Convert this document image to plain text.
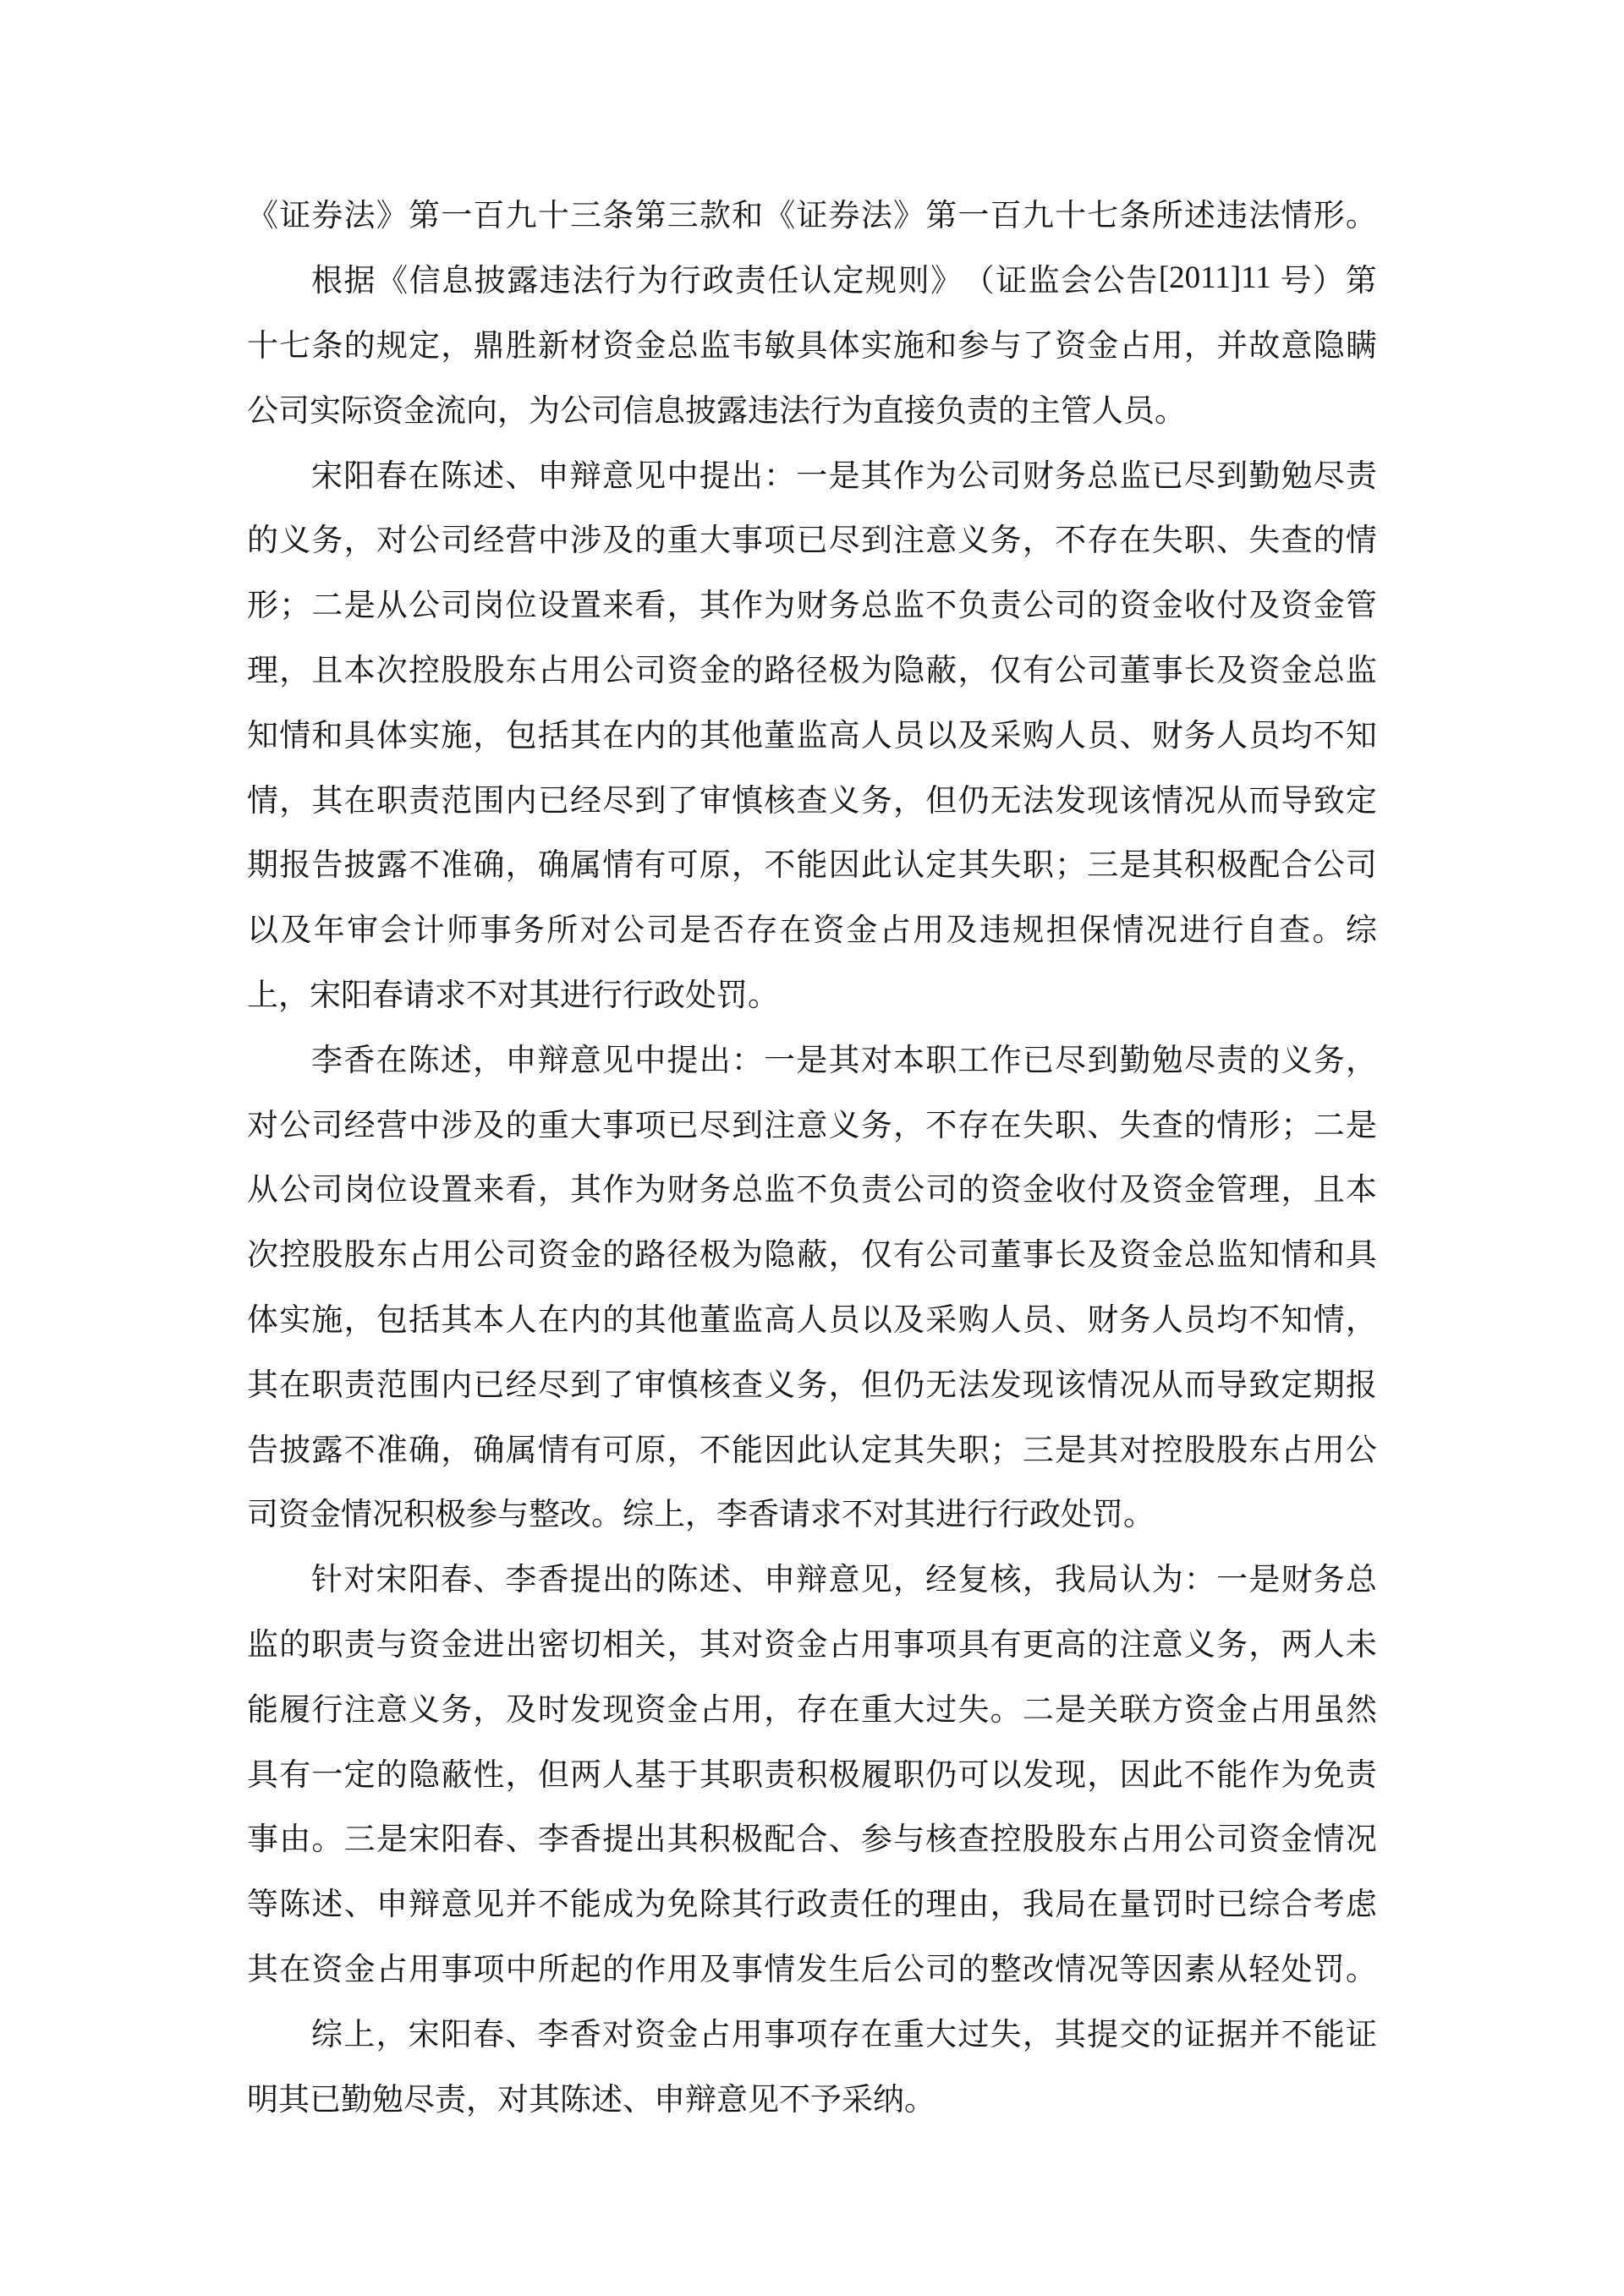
《 证 券 法 》 第 一 百 九 十 三 条 第 三 款 和 《 证 券 法 》 第 一 百 九 十 七 条 所 述 违 法 情 形 。
根 据 《 信 息 披 露 违 法 行 为 行 政 责 任 认 定 规 则 》 （ 证 监 会 公 告 [2011]11 号 ） 第
十 七 条 的 规 定 ， 鼎 胜 新 材 资 金 总 监 韦 敏 具 体 实 施 和 参 与 了 资 金 占 用 ， 并 故 意 隐 瞒
公 司 实 际 资 金 流 向 ， 为 公 司 信 息 披 露 违 法 行 为 直 接 负 责 的 主 管 人 员 。
宋 阳 春 在 陈 述 、 申 辩 意 见 中 提 出 ： 一 是 其 作 为 公 司 财 务 总 监 已 尽 到 勤 勉 尽 责
的 义 务 ， 对 公 司 经 营 中 涉 及 的 重 大 事 项 已 尽 到 注 意 义 务 ， 不 存 在 失 职 、 失 查 的 情
形 ； 二 是 从 公 司 岗 位 设 置 来 看 ， 其 作 为 财 务 总 监 不 负 责 公 司 的 资 金 收 付 及 资 金 管
理 ， 且 本 次 控 股 股 东 占 用 公 司 资 金 的 路 径 极 为 隐 蔽 ， 仅 有 公 司 董 事 长 及 资 金 总 监
知 情 和 具 体 实 施 ， 包 括 其 在 内 的 其 他 董 监 高 人 员 以 及 采 购 人 员 、 财 务 人 员 均 不 知
情 ， 其 在 职 责 范 围 内 已 经 尽 到 了 审 慎 核 查 义 务 ， 但 仍 无 法 发 现 该 情 况 从 而 导 致 定
期 报 告 披 露 不 准 确 ， 确 属 情 有 可 原 ， 不 能 因 此 认 定 其 失 职 ； 三 是 其 积 极 配 合 公 司
以 及 年 审 会 计 师 事 务 所 对 公 司 是 否 存 在 资 金 占 用 及 违 规 担 保 情 况 进 行 自 查 。 综
上 ， 宋 阳 春 请 求 不 对 其 进 行 行 政 处 罚 。
李 香 在 陈 述 ， 申 辩 意 见 中 提 出 ： 一 是 其 对 本 职 工 作 已 尽 到 勤 勉 尽 责 的 义 务 ，
对 公 司 经 营 中 涉 及 的 重 大 事 项 已 尽 到 注 意 义 务 ， 不 存 在 失 职 、 失 查 的 情 形 ； 二 是
从 公 司 岗 位 设 置 来 看 ， 其 作 为 财 务 总 监 不 负 责 公 司 的 资 金 收 付 及 资 金 管 理 ， 且 本
次 控 股 股 东 占 用 公 司 资 金 的 路 径 极 为 隐 蔽 ， 仅 有 公 司 董 事 长 及 资 金 总 监 知 情 和 具
体 实 施 ， 包 括 其 本 人 在 内 的 其 他 董 监 高 人 员 以 及 采 购 人 员 、 财 务 人 员 均 不 知 情 ，
其 在 职 责 范 围 内 已 经 尽 到 了 审 慎 核 查 义 务 ， 但 仍 无 法 发 现 该 情 况 从 而 导 致 定 期 报
告 披 露 不 准 确 ， 确 属 情 有 可 原 ， 不 能 因 此 认 定 其 失 职 ； 三 是 其 对 控 股 股 东 占 用 公
司 资 金 情 况 积 极 参 与 整 改 。 综 上 ， 李 香 请 求 不 对 其 进 行 行 政 处 罚 。
针 对 宋 阳 春 、 李 香 提 出 的 陈 述 、 申 辩 意 见 ， 经 复 核 ， 我 局 认 为 ： 一 是 财 务 总
监 的 职 责 与 资 金 进 出 密 切 相 关 ， 其 对 资 金 占 用 事 项 具 有 更 高 的 注 意 义 务 ， 两 人 未
能 履 行 注 意 义 务 ， 及 时 发 现 资 金 占 用 ， 存 在 重 大 过 失 。 二 是 关 联 方 资 金 占 用 虽 然
具 有 一 定 的 隐 蔽 性 ， 但 两 人 基 于 其 职 责 积 极 履 职 仍 可 以 发 现 ， 因 此 不 能 作 为 免 责
事 由 。 三 是 宋 阳 春 、 李 香 提 出 其 积 极 配 合 、 参 与 核 查 控 股 股 东 占 用 公 司 资 金 情 况
等 陈 述 、 申 辩 意 见 并 不 能 成 为 免 除 其 行 政 责 任 的 理 由 ， 我 局 在 量 罚 时 已 综 合 考 虑
其 在 资 金 占 用 事 项 中 所 起 的 作 用 及 事 情 发 生 后 公 司 的 整 改 情 况 等 因 素 从 轻 处 罚 。
综 上 ， 宋 阳 春 、 李 香 对 资 金 占 用 事 项 存 在 重 大 过 失 ， 其 提 交 的 证 据 并 不 能 证
明 其 已 勤 勉 尽 责 ， 对 其 陈 述 、 申 辩 意 见 不 予 采 纳 。
